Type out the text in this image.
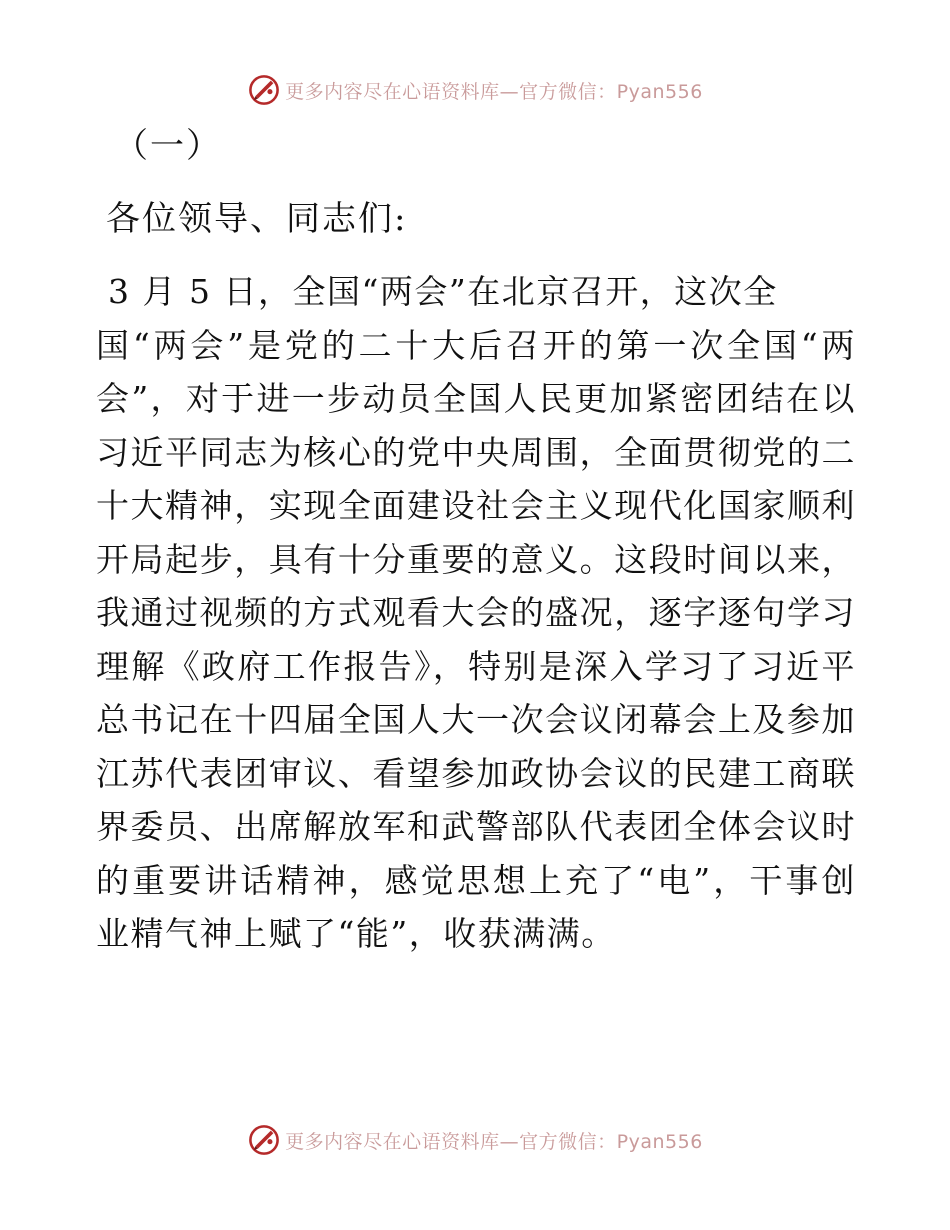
更多内容尽在心语资料库—官方微信：Pyan556
（一）
各位领导、同志们:
3 月 5 日，全国“两会”在北京召开，这次全
国“两会”是党的二十大后召开的第一次全国“两
会”，对于进一步动员全国人民更加紧密团结在以
习近平同志为核心的党中央周围，全面贯彻党的二
十大精神，实现全面建设社会主义现代化国家顺利
开局起步，具有十分重要的意义。这段时间以来，
我通过视频的方式观看大会的盛况，逐字逐句学习
理解《政府工作报告》，特别是深入学习了习近平
总书记在十四届全国人大一次会议闭幕会上及参加
江苏代表团审议、看望参加政协会议的民建工商联
界委员、出席解放军和武警部队代表团全体会议时
的重要讲话精神，感觉思想上充了“电”，干事创
业精气神上赋了“能”，收获满满。
更多内容尽在心语资料库—官方微信：Pyan556
